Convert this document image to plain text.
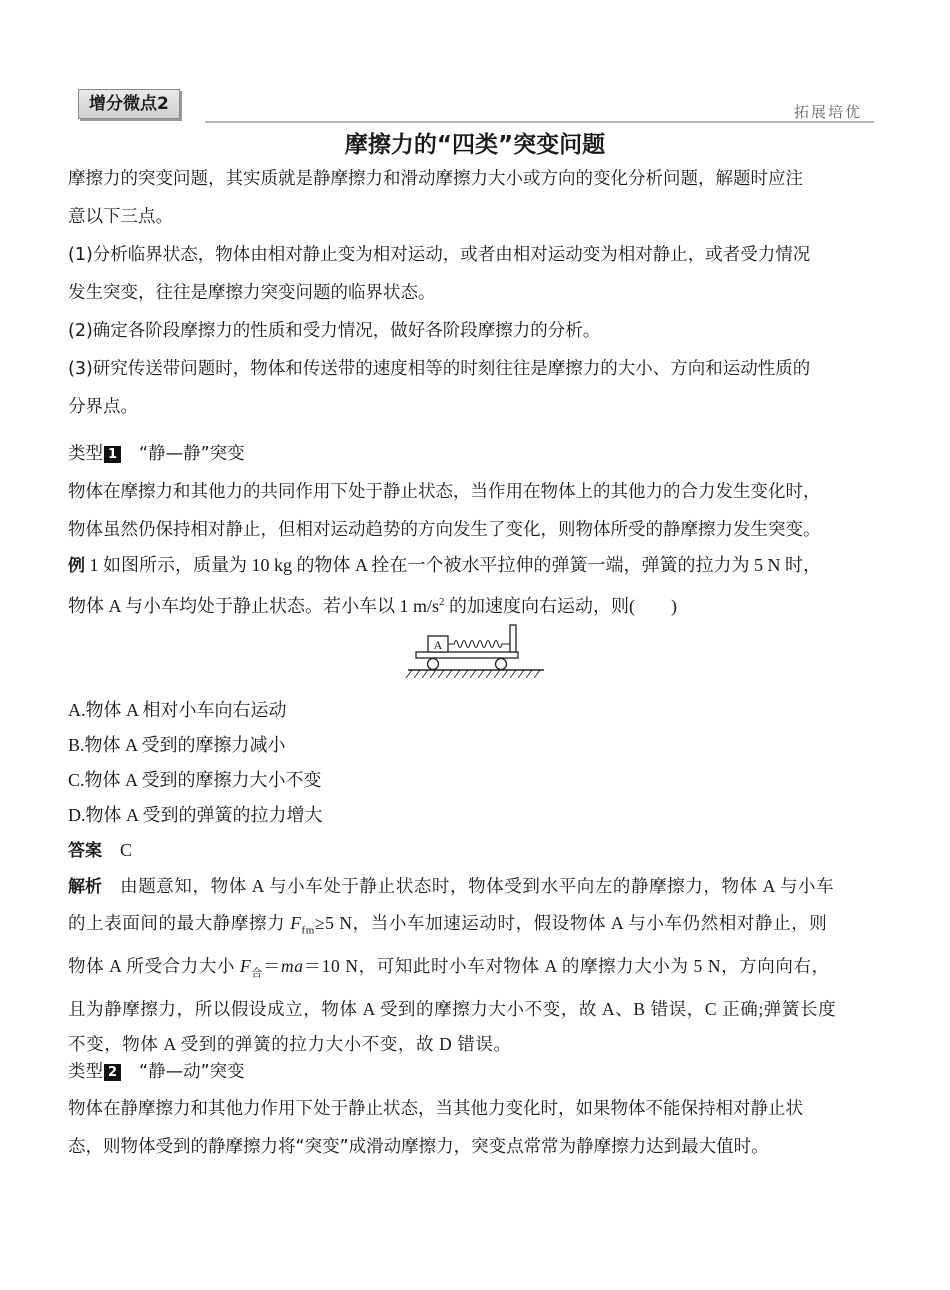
增分微点2	拓展培优
摩擦力的“四类”突变问题

摩擦力的突变问题，其实质就是静摩擦力和滑动摩擦力大小或方向的变化分析问题，解题时应注

意以下三点。

(1)分析临界状态，物体由相对静止变为相对运动，或者由相对运动变为相对静止，或者受力情况

发生突变，往往是摩擦力突变问题的临界状态。

(2)确定各阶段摩擦力的性质和受力情况，做好各阶段摩擦力的分析。

(3)研究传送带问题时，物体和传送带的速度相等的时刻往往是摩擦力的大小、方向和运动性质的

分界点。

类型 1 “静—静”突变

物体在摩擦力和其他力的共同作用下处于静止状态，当作用在物体上的其他力的合力发生变化时，

物体虽然仍保持相对静止，但相对运动趋势的方向发生了变化，则物体所受的静摩擦力发生突变。

例 1 如图所示，质量为 10 kg 的物体 A 拴在一个被水平拉伸的弹簧一端，弹簧的拉力为 5 N 时，

物体 A 与小车均处于静止状态。若小车以 1 $m/s^2$ 的加速度向右运动，则(　　)

A

A.物体 A 相对小车向右运动

B.物体 A 受到的摩擦力减小

C.物体 A 受到的摩擦力大小不变

D.物体 A 受到的弹簧的拉力增大

答案 C

解析　由题意知，物体 A 与小车处于静止状态时，物体受到水平向左的静摩擦力，物体 A 与小车

的上表面间的最大静摩擦力 $F_{fm}\ge 5$ N，当小车加速运动时，假设物体 A 与小车仍然相对静止，则

物体 A 所受合力大小 $F_合=ma=10$ N，可知此时小车对物体 A 的摩擦力大小为 5 N，方向向右，

且为静摩擦力，所以假设成立，物体 A 受到的摩擦力大小不变，故 A、B 错误，C 正确;弹簧长度

不变，物体 A 受到的弹簧的拉力大小不变，故 D 错误。

类型 2 “静—动”突变

物体在静摩擦力和其他力作用下处于静止状态，当其他力变化时，如果物体不能保持相对静止状

态，则物体受到的静摩擦力将“突变”成滑动摩擦力，突变点常常为静摩擦力达到最大值时。
